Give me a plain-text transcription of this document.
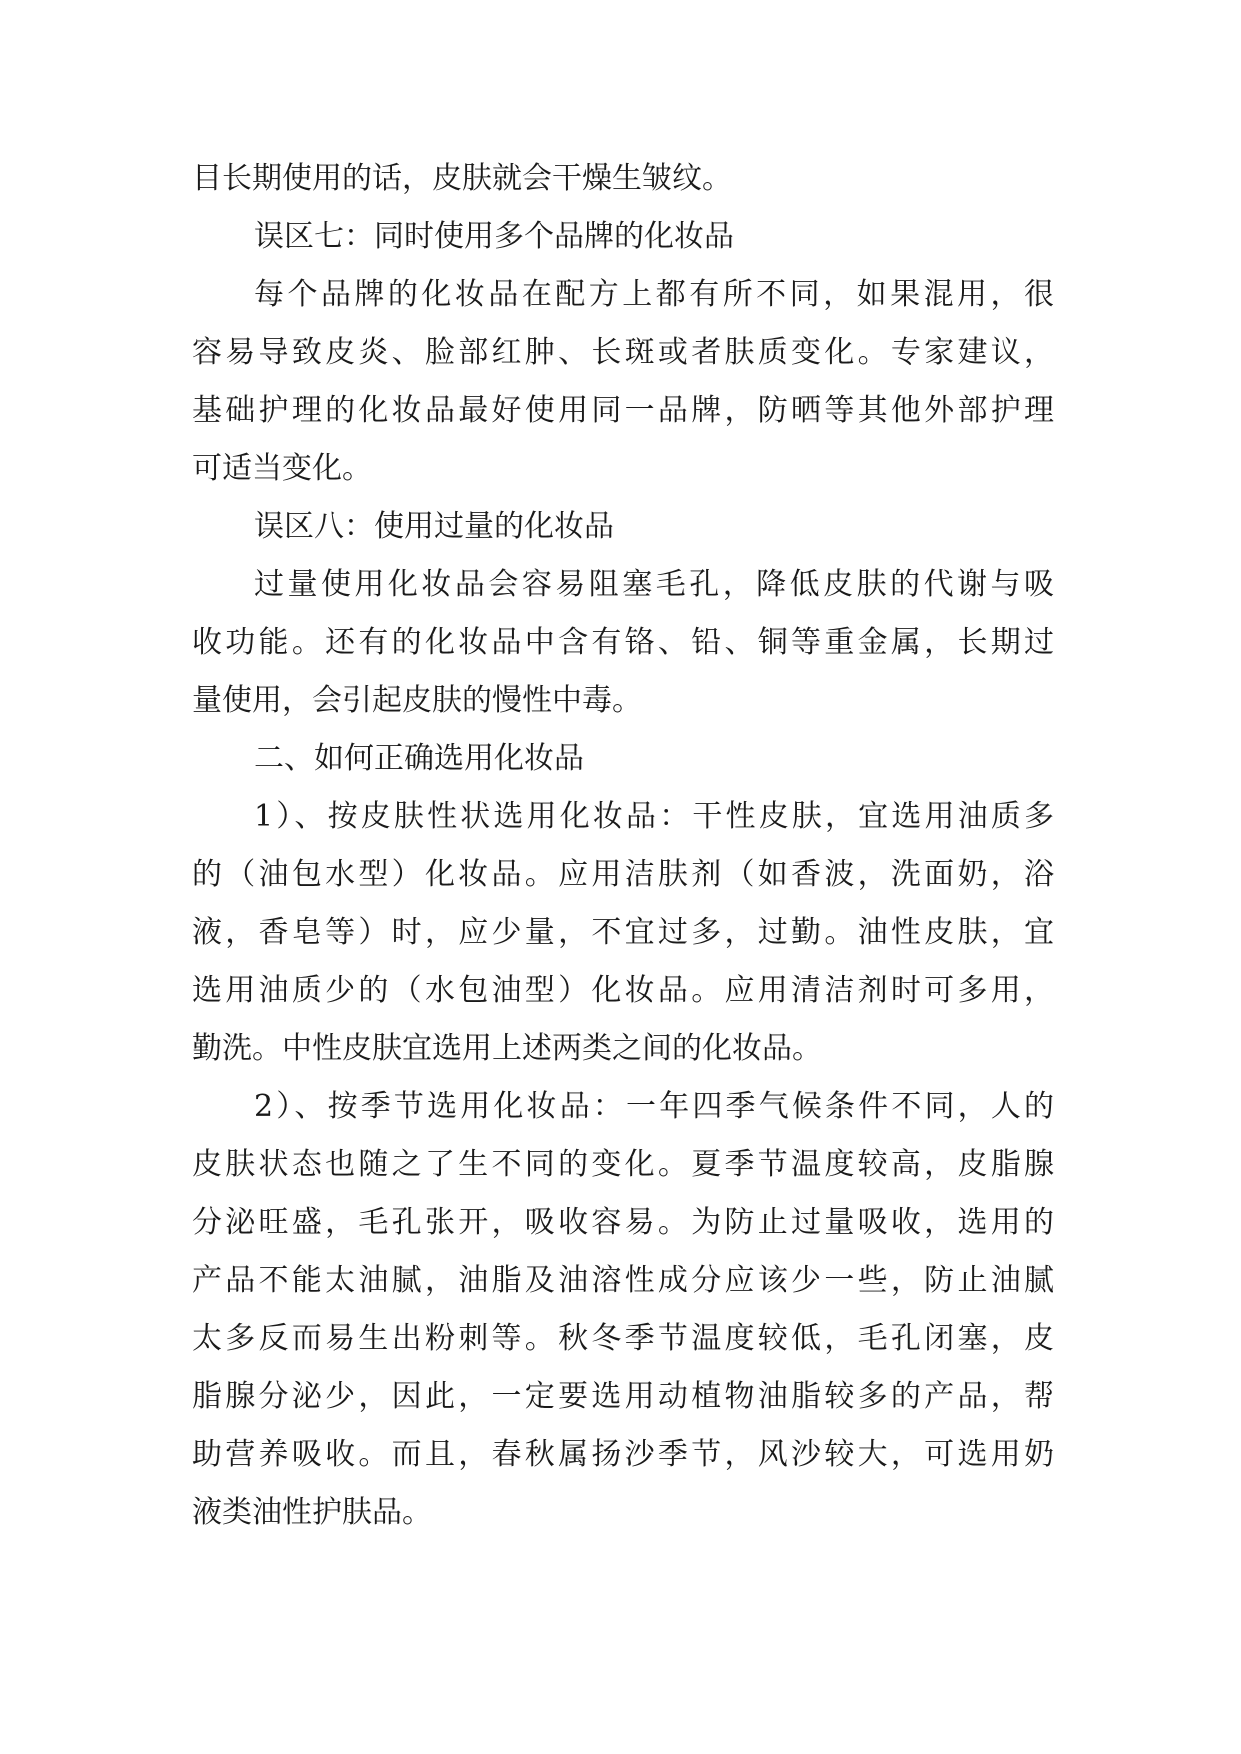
目长期使用的话，皮肤就会干燥生皱纹。
误区七：同时使用多个品牌的化妆品
每个品牌的化妆品在配方上都有所不同，如果混用，很
容易导致皮炎、脸部红肿、长斑或者肤质变化。专家建议，
基础护理的化妆品最好使用同一品牌，防晒等其他外部护理
可适当变化。
误区八：使用过量的化妆品
过量使用化妆品会容易阻塞毛孔，降低皮肤的代谢与吸
收功能。还有的化妆品中含有铬、铅、铜等重金属，长期过
量使用，会引起皮肤的慢性中毒。
二、如何正确选用化妆品
1）、按皮肤性状选用化妆品：干性皮肤，宜选用油质多
的（油包水型）化妆品。应用洁肤剂（如香波，洗面奶，浴
液，香皂等）时，应少量，不宜过多，过勤。油性皮肤，宜
选用油质少的（水包油型）化妆品。应用清洁剂时可多用，
勤洗。中性皮肤宜选用上述两类之间的化妆品。
2）、按季节选用化妆品：一年四季气候条件不同，人的
皮肤状态也随之了生不同的变化。夏季节温度较高，皮脂腺
分泌旺盛，毛孔张开，吸收容易。为防止过量吸收，选用的
产品不能太油腻，油脂及油溶性成分应该少一些，防止油腻
太多反而易生出粉刺等。秋冬季节温度较低，毛孔闭塞，皮
脂腺分泌少，因此，一定要选用动植物油脂较多的产品，帮
助营养吸收。而且，春秋属扬沙季节，风沙较大，可选用奶
液类油性护肤品。
